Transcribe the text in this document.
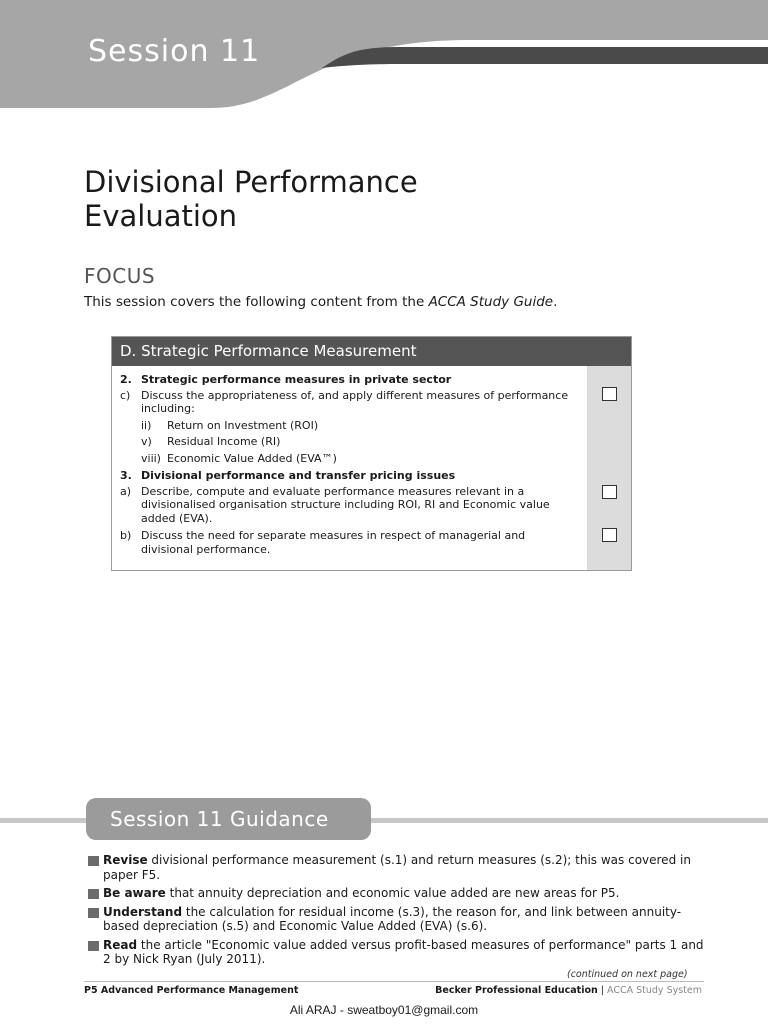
Session 11
Divisional Performance
Evaluation
FOCUS
This session covers the following content from the ACCA Study Guide.
D. Strategic Performance Measurement
2. Strategic performance measures in private sector
c) Discuss the appropriateness of, and apply different measures of performance including:
ii)	Return on Investment (ROI)
v)	Residual Income (RI)
viii) Economic Value Added (EVA™)
3. Divisional performance and transfer pricing issues
a) Describe, compute and evaluate performance measures relevant in a divisionalised organisation structure including ROI, RI and Economic value added (EVA).
b) Discuss the need for separate measures in respect of managerial and divisional performance.
Session 11 Guidance
Revise divisional performance measurement (s.1) and return measures (s.2); this was covered in paper F5.
Be aware that annuity depreciation and economic value added are new areas for P5.
Understand the calculation for residual income (s.3), the reason for, and link between annuity-based depreciation (s.5) and Economic Value Added (EVA) (s.6).
Read the article "Economic value added versus profit-based measures of performance" parts 1 and 2 by Nick Ryan (July 2011).
(continued on next page)
P5 Advanced Performance Management	Becker Professional Education | ACCA Study System
Ali ARAJ - sweatboy01@gmail.com
